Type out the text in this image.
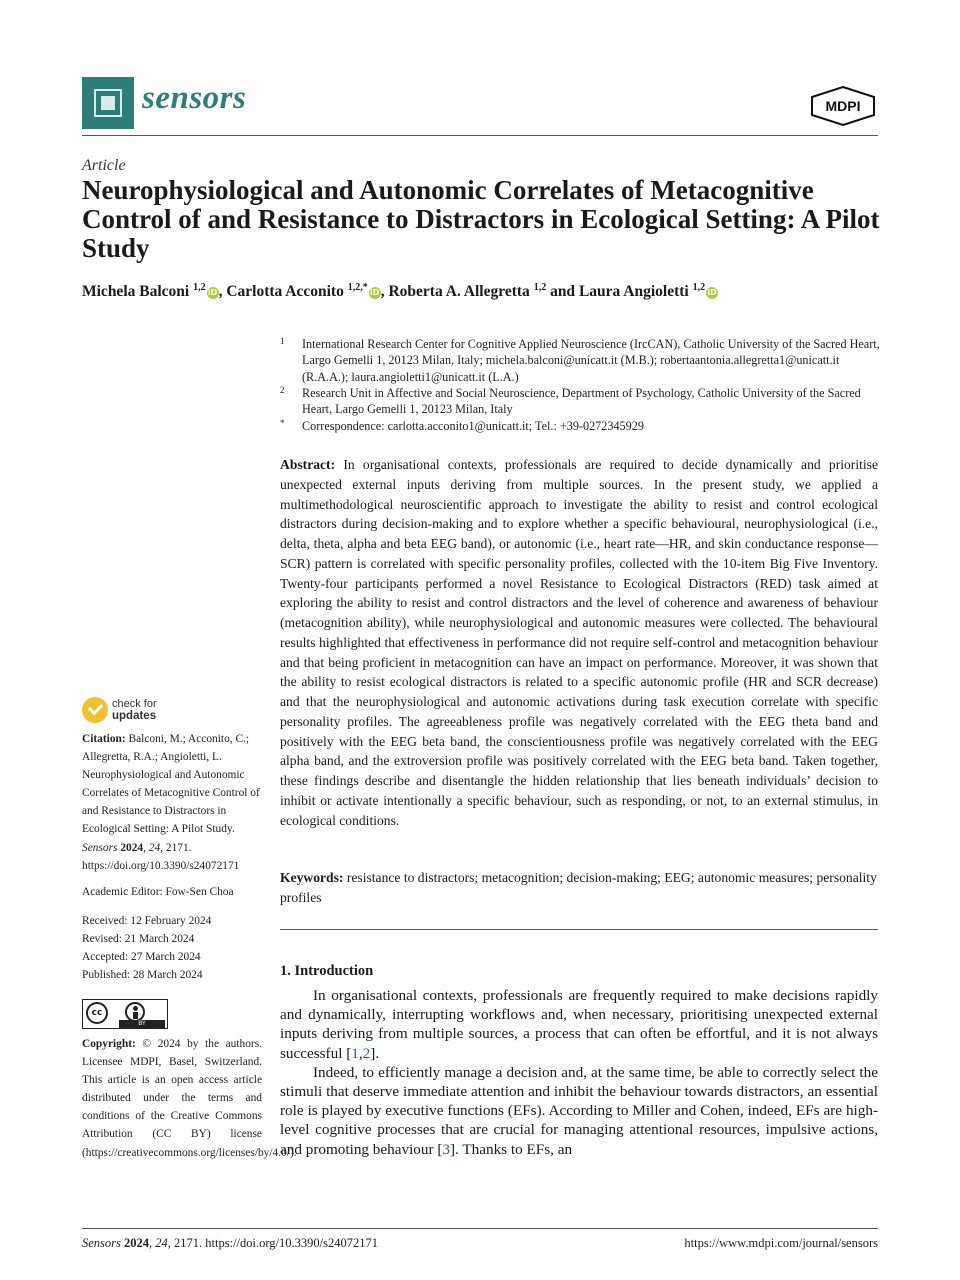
sensors	MDPI
Article
Neurophysiological and Autonomic Correlates of Metacognitive Control of and Resistance to Distractors in Ecological Setting: A Pilot Study
Michela Balconi $^{1,2}$ iD, Carlotta Acconito $^{1,2,*}$ iD, Roberta A. Allegretta $^{1,2}$ and Laura Angioletti $^{1,2}$ iD
1 International Research Center for Cognitive Applied Neuroscience (IrcCAN), Catholic University of the Sacred Heart, Largo Gemelli 1, 20123 Milan, Italy; michela.balconi@unicatt.it (M.B.); robertaantonia.allegretta1@unicatt.it (R.A.A.); laura.angioletti1@unicatt.it (L.A.)
2 Research Unit in Affective and Social Neuroscience, Department of Psychology, Catholic University of the Sacred Heart, Largo Gemelli 1, 20123 Milan, Italy
* Correspondence: carlotta.acconito1@unicatt.it; Tel.: +39-0272345929
Abstract: In organisational contexts, professionals are required to decide dynamically and prioritise unexpected external inputs deriving from multiple sources. In the present study, we applied a multimethodological neuroscientific approach to investigate the ability to resist and control ecological distractors during decision-making and to explore whether a specific behavioural, neurophysiological (i.e., delta, theta, alpha and beta EEG band), or autonomic (i.e., heart rate—HR, and skin conductance response—SCR) pattern is correlated with specific personality profiles, collected with the 10-item Big Five Inventory. Twenty-four participants performed a novel Resistance to Ecological Distractors (RED) task aimed at exploring the ability to resist and control distractors and the level of coherence and awareness of behaviour (metacognition ability), while neurophysiological and autonomic measures were collected. The behavioural results highlighted that effectiveness in performance did not require self-control and metacognition behaviour and that being proficient in metacognition can have an impact on performance. Moreover, it was shown that the ability to resist ecological distractors is related to a specific autonomic profile (HR and SCR decrease) and that the neurophysiological and autonomic activations during task execution correlate with specific personality profiles. The agreeableness profile was negatively correlated with the EEG theta band and positively with the EEG beta band, the conscientiousness profile was negatively correlated with the EEG alpha band, and the extroversion profile was positively correlated with the EEG beta band. Taken together, these findings describe and disentangle the hidden relationship that lies beneath individuals’ decision to inhibit or activate intentionally a specific behaviour, such as responding, or not, to an external stimulus, in ecological conditions.
Keywords: resistance to distractors; metacognition; decision-making; EEG; autonomic measures; personality profiles
1. Introduction

In organisational contexts, professionals are frequently required to make decisions rapidly and dynamically, interrupting workflows and, when necessary, prioritising unexpected external inputs deriving from multiple sources, a process that can often be effortful, and it is not always successful [1,2].

Indeed, to efficiently manage a decision and, at the same time, be able to correctly select the stimuli that deserve immediate attention and inhibit the behaviour towards distractors, an essential role is played by executive functions (EFs). According to Miller and Cohen, indeed, EFs are high-level cognitive processes that are crucial for managing attentional resources, impulsive actions, and promoting behaviour [3]. Thanks to EFs, an

check for
updates
Citation: Balconi, M.; Acconito, C.; Allegretta, R.A.; Angioletti, L. Neurophysiological and Autonomic Correlates of Metacognitive Control of and Resistance to Distractors in Ecological Setting: A Pilot Study. Sensors 2024, 24, 2171. https://doi.org/10.3390/s24072171
Academic Editor: Fow-Sen Choa
Received: 12 February 2024
Revised: 21 March 2024
Accepted: 27 March 2024
Published: 28 March 2024
cc
BY
Copyright: © 2024 by the authors. Licensee MDPI, Basel, Switzerland. This article is an open access article distributed under the terms and conditions of the Creative Commons Attribution (CC BY) license (https://creativecommons.org/licenses/by/4.0/).
Sensors 2024, 24, 2171. https://doi.org/10.3390/s24072171	https://www.mdpi.com/journal/sensors
